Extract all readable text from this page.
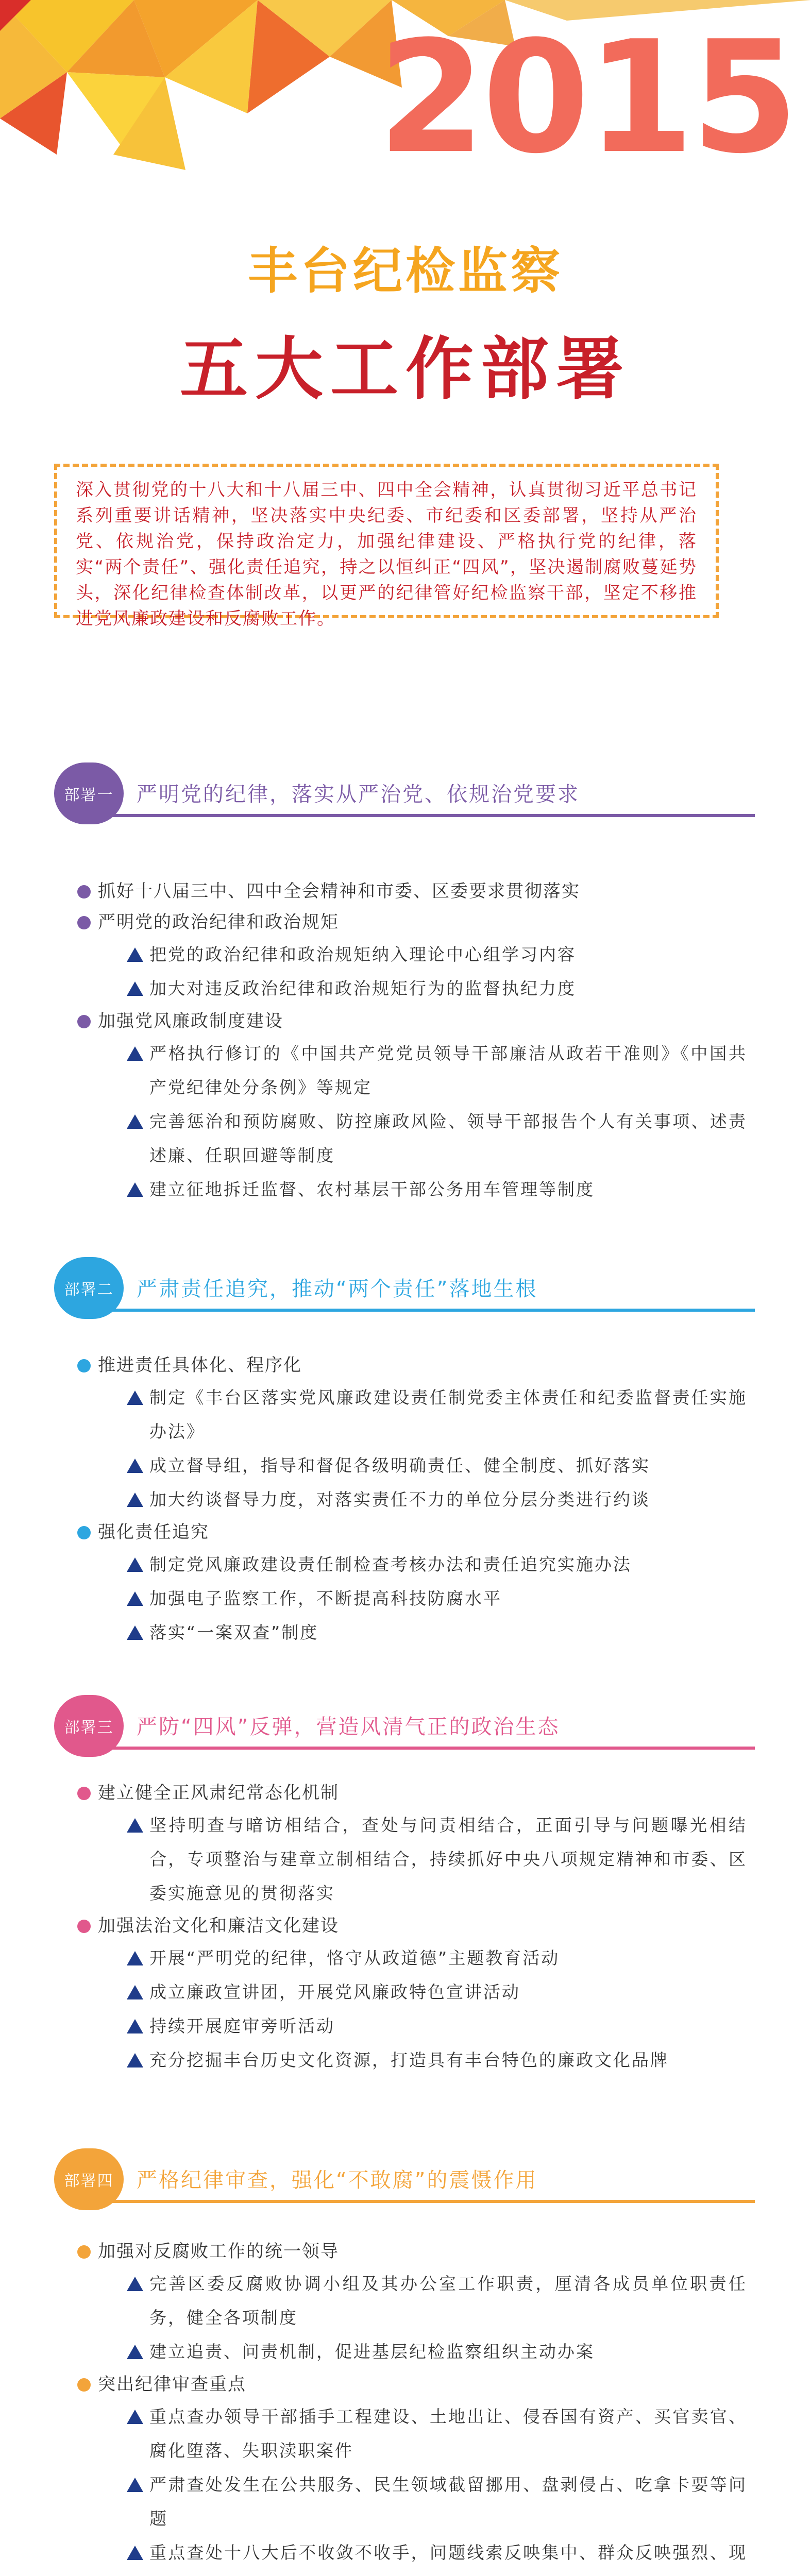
2015
丰台纪检监察
五大工作部署

深入贯彻党的十八大和十八届三中、四中全会精神，认真贯彻习近平总书记系列重要讲话精神，坚决落实中央纪委、市纪委和区委部署，坚持从严治党、依规治党，保持政治定力，加强纪律建设、严格执行党的纪律，落实“两个责任”、强化责任追究，持之以恒纠正“四风”，坚决遏制腐败蔓延势头，深化纪律检查体制改革，以更严的纪律管好纪检监察干部，坚定不移推进党风廉政建设和反腐败工作。

部署一	严明党的纪律，落实从严治党、依规治党要求
抓好十八届三中、四中全会精神和市委、区委要求贯彻落实
严明党的政治纪律和政治规矩
把党的政治纪律和政治规矩纳入理论中心组学习内容
加大对违反政治纪律和政治规矩行为的监督执纪力度
加强党风廉政制度建设
严格执行修订的《中国共产党党员领导干部廉洁从政若干准则》《中国共产党纪律处分条例》等规定
完善惩治和预防腐败、防控廉政风险、领导干部报告个人有关事项、述责述廉、任职回避等制度
建立征地拆迁监督、农村基层干部公务用车管理等制度
部署二	严肃责任追究，推动“两个责任”落地生根
推进责任具体化、程序化
制定《丰台区落实党风廉政建设责任制党委主体责任和纪委监督责任实施办法》
成立督导组，指导和督促各级明确责任、健全制度、抓好落实
加大约谈督导力度，对落实责任不力的单位分层分类进行约谈
强化责任追究
制定党风廉政建设责任制检查考核办法和责任追究实施办法
加强电子监察工作，不断提高科技防腐水平
落实“一案双查”制度
部署三	严防“四风”反弹，营造风清气正的政治生态
建立健全正风肃纪常态化机制
坚持明查与暗访相结合，查处与问责相结合，正面引导与问题曝光相结合，专项整治与建章立制相结合，持续抓好中央八项规定精神和市委、区委实施意见的贯彻落实
加强法治文化和廉洁文化建设
开展“严明党的纪律，恪守从政道德”主题教育活动
成立廉政宣讲团，开展党风廉政特色宣讲活动
持续开展庭审旁听活动
充分挖掘丰台历史文化资源，打造具有丰台特色的廉政文化品牌
部署四	严格纪律审查，强化“不敢腐”的震慑作用
加强对反腐败工作的统一领导
完善区委反腐败协调小组及其办公室工作职责，厘清各成员单位职责任务，健全各项制度
建立追责、问责机制，促进基层纪检监察组织主动办案
突出纪律审查重点
重点查办领导干部插手工程建设、土地出让、侵吞国有资产、买官卖官、腐化堕落、失职渎职案件
严肃查处发生在公共服务、民生领域截留挪用、盘剥侵占、吃拿卡要等问题
重点查处十八大后不收敛不收手，问题线索反映集中、群众反映强烈、现
